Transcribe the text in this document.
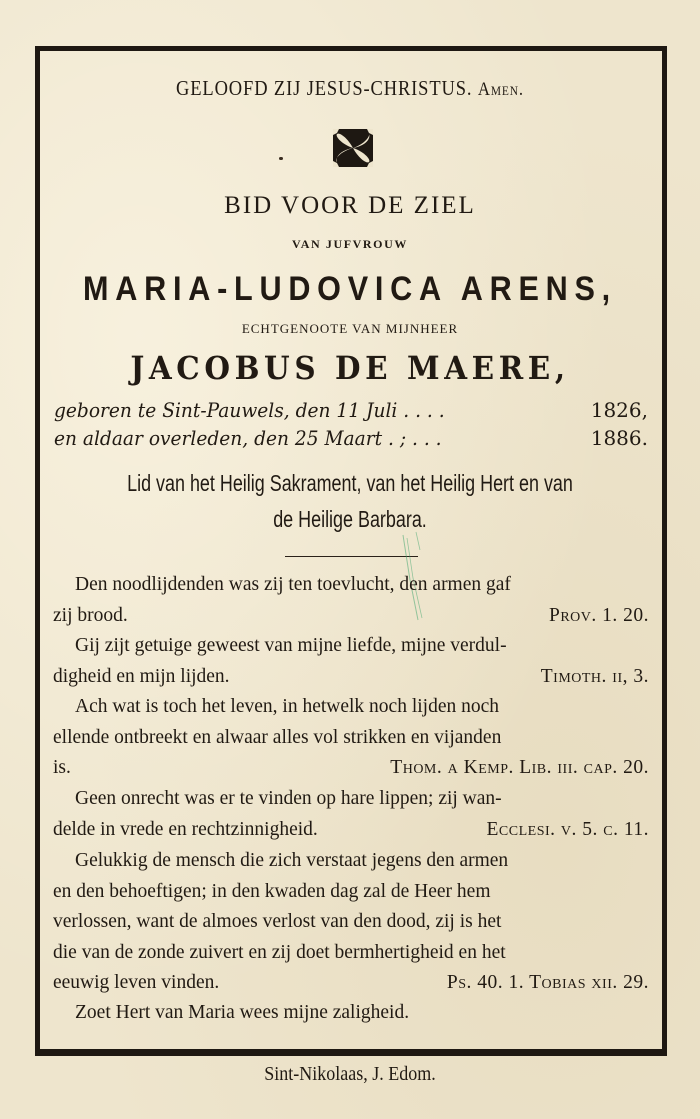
GELOOFD ZIJ JESUS-CHRISTUS. Amen.
BID VOOR DE ZIEL
VAN JUFVROUW
MARIA-LUDOVICA ARENS,
ECHTGENOOTE VAN MIJNHEER
JACOBUS DE MAERE,
geboren te Sint-Pauwels, den 11 Juli . . . .	1826,
en aldaar overleden, den 25 Maart . ; . . .	1886.
Lid van het Heilig Sakrament, van het Heilig Hert en van
de Heilige Barbara.
Den noodlijdenden was zij ten toevlucht, den armen gaf
zij brood.	Prov. 1. 20.
Gij zijt getuige geweest van mijne liefde, mijne verdul-
digheid en mijn lijden.	Timoth. ii, 3.
Ach wat is toch het leven, in hetwelk noch lijden noch
ellende ontbreekt en alwaar alles vol strikken en vijanden
is.	Thom. a Kemp. Lib. iii. cap. 20.
Geen onrecht was er te vinden op hare lippen; zij wan-
delde in vrede en rechtzinnigheid.	Ecclesi. v. 5. c. 11.
Gelukkig de mensch die zich verstaat jegens den armen
en den behoeftigen; in den kwaden dag zal de Heer hem
verlossen, want de almoes verlost van den dood, zij is het
die van de zonde zuivert en zij doet bermhertigheid en het
eeuwig leven vinden.	Ps. 40. 1. Tobias xii. 29.
Zoet Hert van Maria wees mijne zaligheid.
Sint-Nikolaas, J. Edom.
